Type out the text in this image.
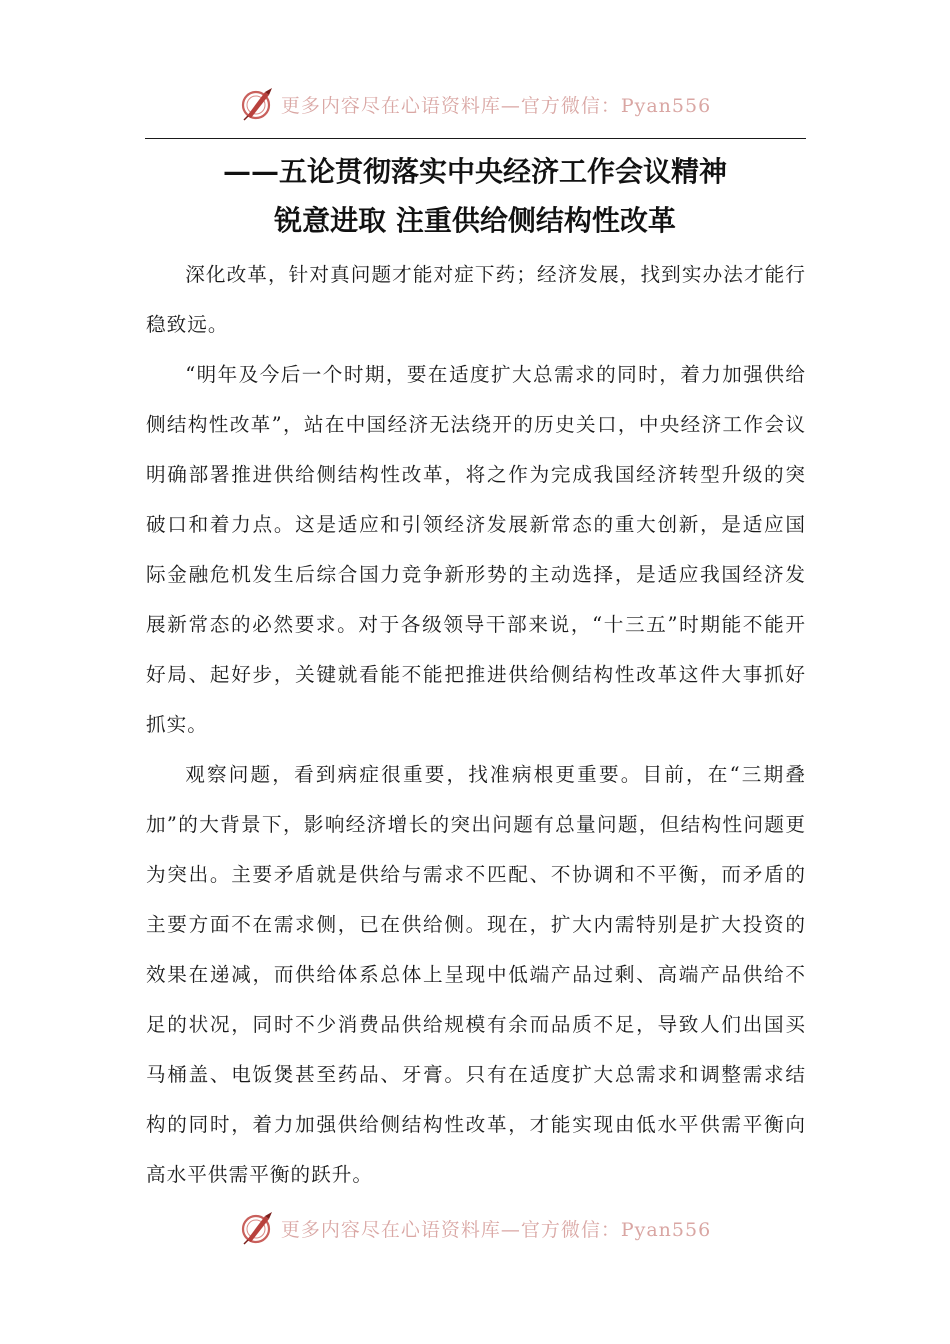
更多内容尽在心语资料库—官方微信：Pyan556
——五论贯彻落实中央经济工作会议精神
锐意进取 注重供给侧结构性改革

深化改革，针对真问题才能对症下药；经济发展，找到实办法才能行稳致远。

“明年及今后一个时期，要在适度扩大总需求的同时，着力加强供给侧结构性改革”，站在中国经济无法绕开的历史关口，中央经济工作会议明确部署推进供给侧结构性改革，将之作为完成我国经济转型升级的突破口和着力点。这是适应和引领经济发展新常态的重大创新，是适应国际金融危机发生后综合国力竞争新形势的主动选择，是适应我国经济发展新常态的必然要求。对于各级领导干部来说，“十三五”时期能不能开好局、起好步，关键就看能不能把推进供给侧结构性改革这件大事抓好抓实。

观察问题，看到病症很重要，找准病根更重要。目前，在“三期叠加”的大背景下，影响经济增长的突出问题有总量问题，但结构性问题更为突出。主要矛盾就是供给与需求不匹配、不协调和不平衡，而矛盾的主要方面不在需求侧，已在供给侧。现在，扩大内需特别是扩大投资的效果在递减，而供给体系总体上呈现中低端产品过剩、高端产品供给不足的状况，同时不少消费品供给规模有余而品质不足，导致人们出国买马桶盖、电饭煲甚至药品、牙膏。只有在适度扩大总需求和调整需求结构的同时，着力加强供给侧结构性改革，才能实现由低水平供需平衡向高水平供需平衡的跃升。

更多内容尽在心语资料库—官方微信：Pyan556
